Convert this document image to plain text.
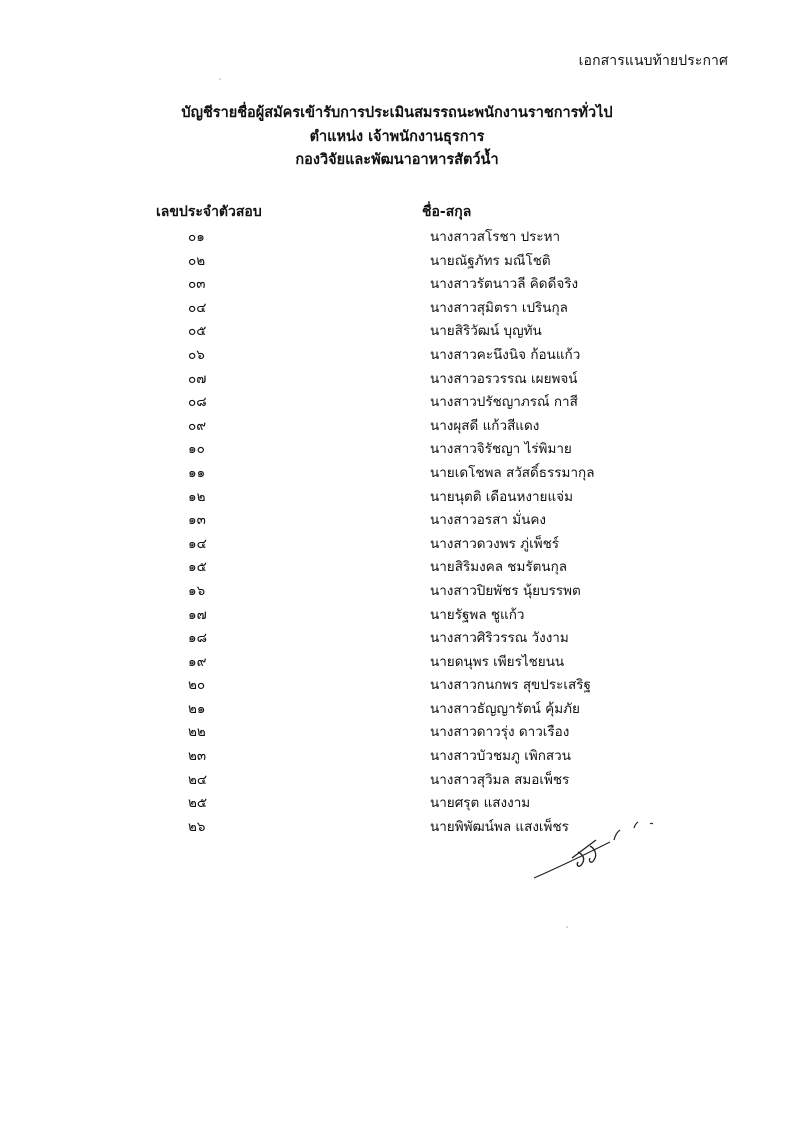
เอกสารแนบท้ายประกาศ
บัญชีรายชื่อผู้สมัครเข้ารับการประเมินสมรรถนะพนักงานราชการทั่วไป
ตำแหน่ง เจ้าพนักงานธุรการ
กองวิจัยและพัฒนาอาหารสัตว์น้ำ
เลขประจำตัวสอบ	ชื่อ-สกุล
๐๑	นางสาวสโรชา ประหา
๐๒	นายณัฐภัทร มณีโชติ
๐๓	นางสาวรัตนาวลี คิดดีจริง
๐๔	นางสาวสุมิตรา เปรินกุล
๐๕	นายสิริวัฒน์ บุญทัน
๐๖	นางสาวคะนึงนิจ ก้อนแก้ว
๐๗	นางสาวอรวรรณ เผยพจน์
๐๘	นางสาวปรัชญาภรณ์ กาสี
๐๙	นางผุสดี แก้วสีแดง
๑๐	นางสาวจิรัชญา ไร่พิมาย
๑๑	นายเดโชพล สวัสดิ์ธรรมากุล
๑๒	นายนุตติ เดือนหงายแจ่ม
๑๓	นางสาวอรสา มั่นคง
๑๔	นางสาวดวงพร ภู่เพ็ชร์
๑๕	นายสิริมงคล ชมรัตนกุล
๑๖	นางสาวปิยพัชร นุ้ยบรรพต
๑๗	นายรัฐพล ชูแก้ว
๑๘	นางสาวศิริวรรณ วังงาม
๑๙	นายดนุพร เพียรไชยนน
๒๐	นางสาวกนกพร สุขประเสริฐ
๒๑	นางสาวธัญญารัตน์ คุ้มภัย
๒๒	นางสาวดาวรุ่ง ดาวเรือง
๒๓	นางสาวบัวชมภู เพิกสวน
๒๔	นางสาวสุวิมล สมอเพ็ชร
๒๕	นายศรุต แสงงาม
๒๖	นายพิพัฒน์พล แสงเพ็ชร
